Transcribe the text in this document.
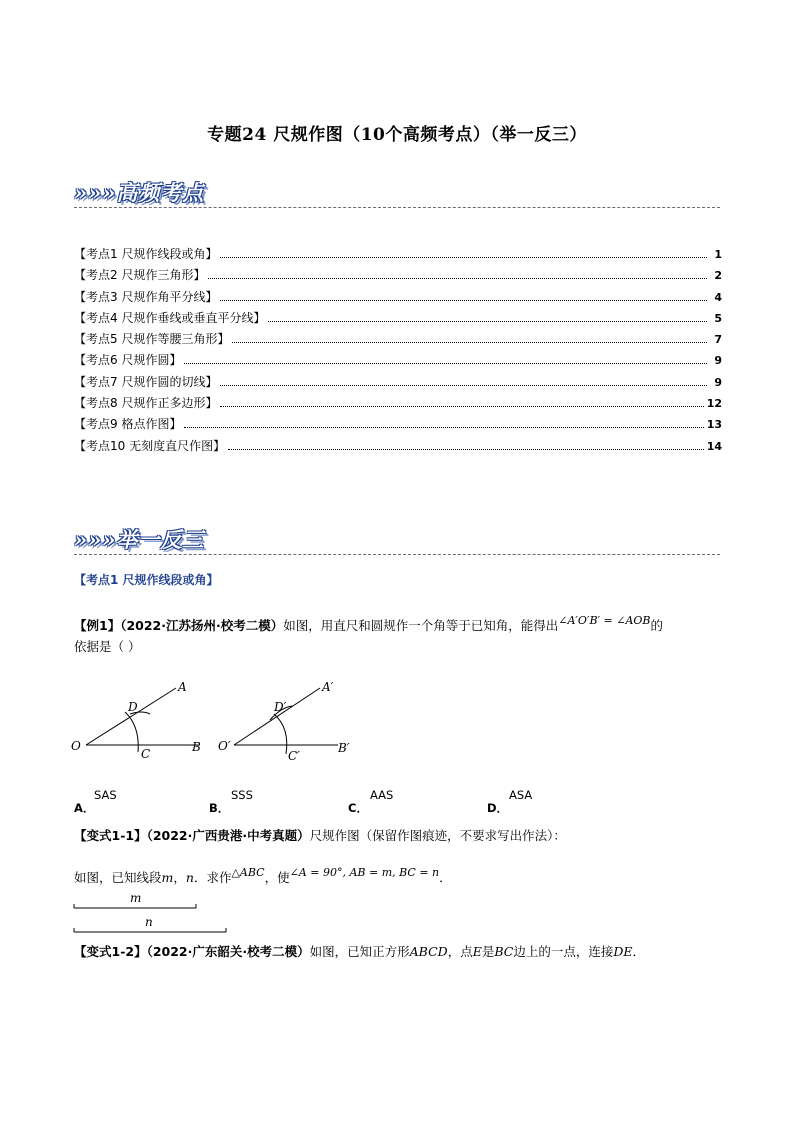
专题24 尺规作图（10个高频考点）（举一反三）
»»»高频考点
【考点1 尺规作线段或角】	1
【考点2 尺规作三角形】	2
【考点3 尺规作角平分线】	4
【考点4 尺规作垂线或垂直平分线】	5
【考点5 尺规作等腰三角形】	7
【考点6 尺规作圆】	9
【考点7 尺规作圆的切线】	9
【考点8 尺规作正多边形】	12
【考点9 格点作图】	13
【考点10 无刻度直尺作图】	14
»»»举一反三
【考点1 尺规作线段或角】
【例1】（2022·江苏扬州·校考二模）如图，用直尺和圆规作一个角等于已知角，能得出∠A′O′B′ = ∠AOB的
依据是（ ）
O
A
B
C
D
O′
A′
B′
C′
D′
A．
SAS
B．
SSS
C．
AAS
D．
ASA
【变式1-1】（2022·广西贵港·中考真题）尺规作图（保留作图痕迹，不要求写出作法）：
如图，已知线段m，n．求作△ABC，使∠A = 90°, AB = m, BC = n．
m
n
【变式1-2】（2022·广东韶关·校考二模）如图，已知正方形ABCD，点E是BC边上的一点，连接DE．
